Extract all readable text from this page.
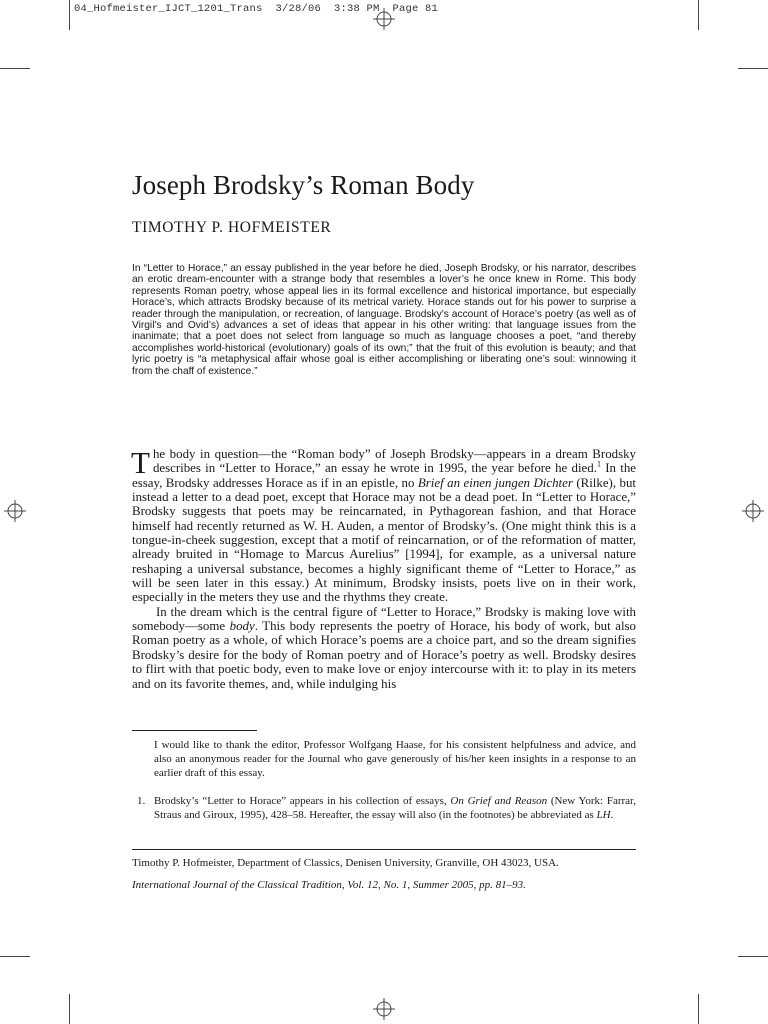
04_Hofmeister_IJCT_1201_Trans  3/28/06  3:38 PM  Page 81
Joseph Brodsky’s Roman Body
TIMOTHY P. HOFMEISTER

In “Letter to Horace,” an essay published in the year before he died, Joseph Brodsky, or his narrator, describes an erotic dream-encounter with a strange body that resembles a lover’s he once knew in Rome. This body represents Roman poetry, whose appeal lies in its formal excellence and historical importance, but especially Horace’s, which attracts Brodsky because of its metrical variety. Horace stands out for his power to surprise a reader through the manipulation, or recreation, of language. Brodsky’s account of Horace’s poetry (as well as of Virgil’s and Ovid’s) advances a set of ideas that appear in his other writing: that language issues from the inanimate; that a poet does not select from language so much as language chooses a poet, “and thereby accomplishes world-historical (evolutionary) goals of its own;” that the fruit of this evolution is beauty; and that lyric poetry is “a metaphysical affair whose goal is either accomplishing or liberating one’s soul: winnowing it from the chaff of existence.”

The body in question—the “Roman body” of Joseph Brodsky—appears in a dream Brodsky describes in “Letter to Horace,” an essay he wrote in 1995, the year before he died.$^1$ In the essay, Brodsky addresses Horace as if in an epistle, no Brief an einen jungen Dichter (Rilke), but instead a letter to a dead poet, except that Horace may not be a dead poet. In “Letter to Horace,” Brodsky suggests that poets may be reincarnated, in Pythagorean fashion, and that Horace himself had recently returned as W. H. Auden, a mentor of Brodsky’s. (One might think this is a tongue-in-cheek suggestion, except that a motif of reincarnation, or of the reformation of matter, already bruited in “Homage to Marcus Aurelius” [1994], for example, as a universal nature reshaping a universal substance, becomes a highly significant theme of “Letter to Horace,” as will be seen later in this essay.) At minimum, Brodsky insists, poets live on in their work, especially in the meters they use and the rhythms they create.

In the dream which is the central figure of “Letter to Horace,” Brodsky is making love with somebody—some body. This body represents the poetry of Horace, his body of work, but also Roman poetry as a whole, of which Horace’s poems are a choice part, and so the dream signifies Brodsky’s desire for the body of Roman poetry and of Horace’s poetry as well. Brodsky desires to flirt with that poetic body, even to make love or enjoy intercourse with it: to play in its meters and on its favorite themes, and, while indulging his

I would like to thank the editor, Professor Wolfgang Haase, for his consistent helpfulness and advice, and also an anonymous reader for the Journal who gave generously of his/her keen insights in a response to an earlier draft of this essay.

1. Brodsky’s “Letter to Horace” appears in his collection of essays, On Grief and Reason (New York: Farrar, Straus and Giroux, 1995), 428–58. Hereafter, the essay will also (in the footnotes) be abbreviated as LH.

Timothy P. Hofmeister, Department of Classics, Denisen University, Granville, OH 43023, USA.
International Journal of the Classical Tradition, Vol. 12, No. 1, Summer 2005, pp. 81–93.
